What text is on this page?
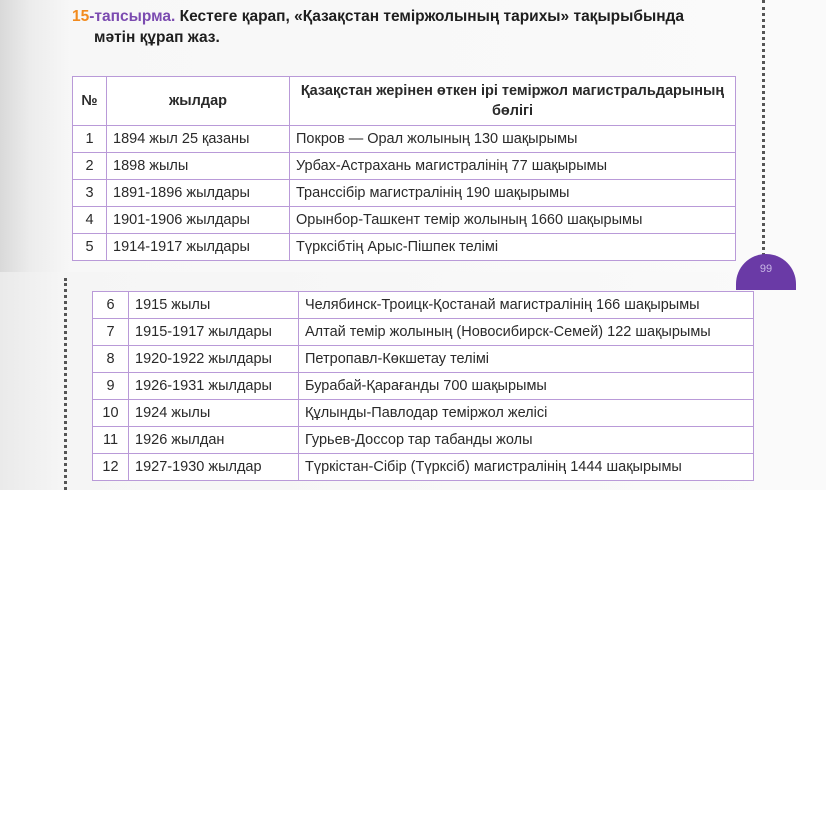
99
15-тапсырма. Кестеге қарап, «Қазақстан теміржолының тарихы» тақырыбында
мәтін құрап жаз.
№	жылдар	Қазақстан жерінен өткен ірі теміржол магистральдарының бөлігі
1	1894 жыл 25 қазаны	Покров — Орал жолының 130 шақырымы
2	1898 жылы	Урбах-Астрахань магистралінің 77 шақырымы
3	1891-1896 жылдары	Транссібір магистралінің 190 шақырымы
4	1901-1906 жылдары	Орынбор-Ташкент темір жолының 1660 шақырымы
5	1914-1917 жылдары	Түрксібтің Арыс-Пішпек телімі
6	1915 жылы	Челябинск-Троицк-Қостанай магистралінің 166 шақырымы
7	1915-1917 жылдары	Алтай темір жолының (Новосибирск-Семей) 122 шақырымы
8	1920-1922 жылдары	Петропавл-Көкшетау телімі
9	1926-1931 жылдары	Бурабай-Қарағанды 700 шақырымы
10	1924 жылы	Құлынды-Павлодар теміржол желісі
11	1926 жылдан	Гурьев-Доссор тар табанды жолы
12	1927-1930 жылдар	Түркістан-Сібір (Түрксіб) магистралінің 1444 шақырымы
